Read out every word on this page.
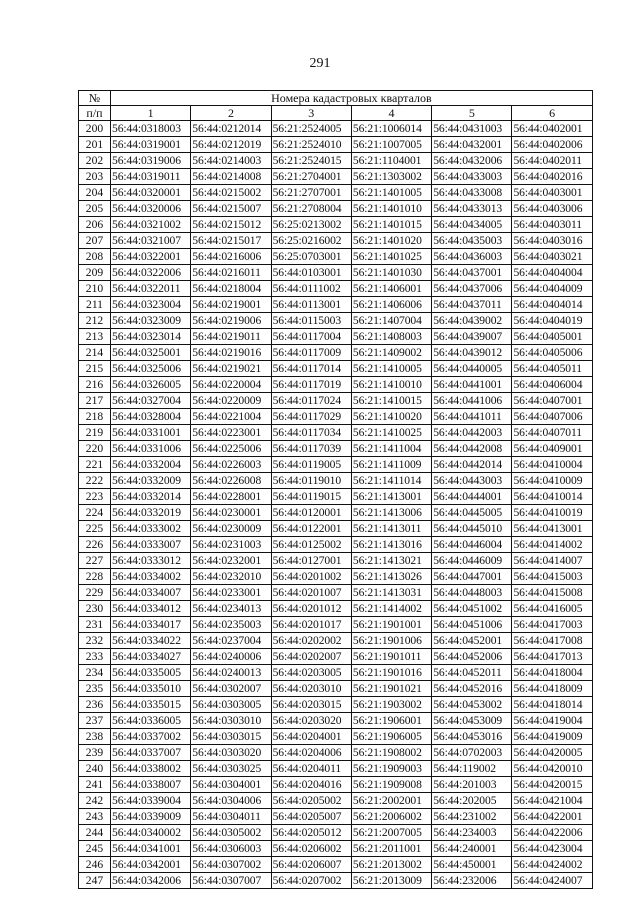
291
№	Номера кадастровых кварталов					
п/п	1	2	3	4	5	6
200	56:44:0318003	56:44:0212014	56:21:2524005	56:21:1006014	56:44:0431003	56:44:0402001
201	56:44:0319001	56:44:0212019	56:21:2524010	56:21:1007005	56:44:0432001	56:44:0402006
202	56:44:0319006	56:44:0214003	56:21:2524015	56:21:1104001	56:44:0432006	56:44:0402011
203	56:44:0319011	56:44:0214008	56:21:2704001	56:21:1303002	56:44:0433003	56:44:0402016
204	56:44:0320001	56:44:0215002	56:21:2707001	56:21:1401005	56:44:0433008	56:44:0403001
205	56:44:0320006	56:44:0215007	56:21:2708004	56:21:1401010	56:44:0433013	56:44:0403006
206	56:44:0321002	56:44:0215012	56:25:0213002	56:21:1401015	56:44:0434005	56:44:0403011
207	56:44:0321007	56:44:0215017	56:25:0216002	56:21:1401020	56:44:0435003	56:44:0403016
208	56:44:0322001	56:44:0216006	56:25:0703001	56:21:1401025	56:44:0436003	56:44:0403021
209	56:44:0322006	56:44:0216011	56:44:0103001	56:21:1401030	56:44:0437001	56:44:0404004
210	56:44:0322011	56:44:0218004	56:44:0111002	56:21:1406001	56:44:0437006	56:44:0404009
211	56:44:0323004	56:44:0219001	56:44:0113001	56:21:1406006	56:44:0437011	56:44:0404014
212	56:44:0323009	56:44:0219006	56:44:0115003	56:21:1407004	56:44:0439002	56:44:0404019
213	56:44:0323014	56:44:0219011	56:44:0117004	56:21:1408003	56:44:0439007	56:44:0405001
214	56:44:0325001	56:44:0219016	56:44:0117009	56:21:1409002	56:44:0439012	56:44:0405006
215	56:44:0325006	56:44:0219021	56:44:0117014	56:21:1410005	56:44:0440005	56:44:0405011
216	56:44:0326005	56:44:0220004	56:44:0117019	56:21:1410010	56:44:0441001	56:44:0406004
217	56:44:0327004	56:44:0220009	56:44:0117024	56:21:1410015	56:44:0441006	56:44:0407001
218	56:44:0328004	56:44:0221004	56:44:0117029	56:21:1410020	56:44:0441011	56:44:0407006
219	56:44:0331001	56:44:0223001	56:44:0117034	56:21:1410025	56:44:0442003	56:44:0407011
220	56:44:0331006	56:44:0225006	56:44:0117039	56:21:1411004	56:44:0442008	56:44:0409001
221	56:44:0332004	56:44:0226003	56:44:0119005	56:21:1411009	56:44:0442014	56:44:0410004
222	56:44:0332009	56:44:0226008	56:44:0119010	56:21:1411014	56:44:0443003	56:44:0410009
223	56:44:0332014	56:44:0228001	56:44:0119015	56:21:1413001	56:44:0444001	56:44:0410014
224	56:44:0332019	56:44:0230001	56:44:0120001	56:21:1413006	56:44:0445005	56:44:0410019
225	56:44:0333002	56:44:0230009	56:44:0122001	56:21:1413011	56:44:0445010	56:44:0413001
226	56:44:0333007	56:44:0231003	56:44:0125002	56:21:1413016	56:44:0446004	56:44:0414002
227	56:44:0333012	56:44:0232001	56:44:0127001	56:21:1413021	56:44:0446009	56:44:0414007
228	56:44:0334002	56:44:0232010	56:44:0201002	56:21:1413026	56:44:0447001	56:44:0415003
229	56:44:0334007	56:44:0233001	56:44:0201007	56:21:1413031	56:44:0448003	56:44:0415008
230	56:44:0334012	56:44:0234013	56:44:0201012	56:21:1414002	56:44:0451002	56:44:0416005
231	56:44:0334017	56:44:0235003	56:44:0201017	56:21:1901001	56:44:0451006	56:44:0417003
232	56:44:0334022	56:44:0237004	56:44:0202002	56:21:1901006	56:44:0452001	56:44:0417008
233	56:44:0334027	56:44:0240006	56:44:0202007	56:21:1901011	56:44:0452006	56:44:0417013
234	56:44:0335005	56:44:0240013	56:44:0203005	56:21:1901016	56:44:0452011	56:44:0418004
235	56:44:0335010	56:44:0302007	56:44:0203010	56:21:1901021	56:44:0452016	56:44:0418009
236	56:44:0335015	56:44:0303005	56:44:0203015	56:21:1903002	56:44:0453002	56:44:0418014
237	56:44:0336005	56:44:0303010	56:44:0203020	56:21:1906001	56:44:0453009	56:44:0419004
238	56:44:0337002	56:44:0303015	56:44:0204001	56:21:1906005	56:44:0453016	56:44:0419009
239	56:44:0337007	56:44:0303020	56:44:0204006	56:21:1908002	56:44:0702003	56:44:0420005
240	56:44:0338002	56:44:0303025	56:44:0204011	56:21:1909003	56:44:119002	56:44:0420010
241	56:44:0338007	56:44:0304001	56:44:0204016	56:21:1909008	56:44:201003	56:44:0420015
242	56:44:0339004	56:44:0304006	56:44:0205002	56:21:2002001	56:44:202005	56:44:0421004
243	56:44:0339009	56:44:0304011	56:44:0205007	56:21:2006002	56:44:231002	56:44:0422001
244	56:44:0340002	56:44:0305002	56:44:0205012	56:21:2007005	56:44:234003	56:44:0422006
245	56:44:0341001	56:44:0306003	56:44:0206002	56:21:2011001	56:44:240001	56:44:0423004
246	56:44:0342001	56:44:0307002	56:44:0206007	56:21:2013002	56:44:450001	56:44:0424002
247	56:44:0342006	56:44:0307007	56:44:0207002	56:21:2013009	56:44:232006	56:44:0424007
